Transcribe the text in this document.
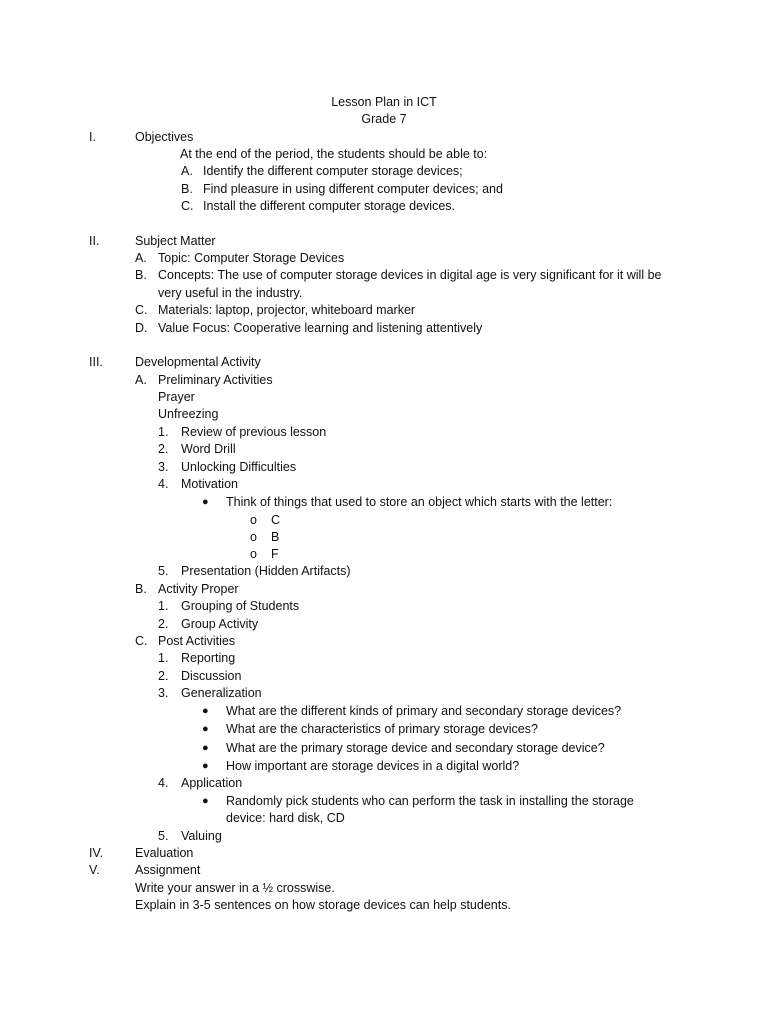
Lesson Plan in ICT
Grade 7
I.	Objectives
At the end of the period, the students should be able to:
A. Identify the different computer storage devices;
B. Find pleasure in using different computer devices; and
C. Install the different computer storage devices.
II.	Subject Matter
A. Topic: Computer Storage Devices
B. Concepts: The use of computer storage devices in digital age is very significant for it will be
very useful in the industry.
C. Materials: laptop, projector, whiteboard marker
D. Value Focus: Cooperative learning and listening attentively
III.	Developmental Activity
A. Preliminary Activities
Prayer
Unfreezing
1. Review of previous lesson
2. Word Drill
3. Unlocking Difficulties
4. Motivation
● Think of things that used to store an object which starts with the letter:
o C
o B
o F
5. Presentation (Hidden Artifacts)
B. Activity Proper
1. Grouping of Students
2. Group Activity
C. Post Activities
1. Reporting
2. Discussion
3. Generalization
● What are the different kinds of primary and secondary storage devices?
● What are the characteristics of primary storage devices?
● What are the primary storage device and secondary storage device?
● How important are storage devices in a digital world?
4. Application
● Randomly pick students who can perform the task in installing the storage
device: hard disk, CD
5. Valuing
IV.	Evaluation
V.	Assignment
Write your answer in a ½ crosswise.
Explain in 3-5 sentences on how storage devices can help students.
